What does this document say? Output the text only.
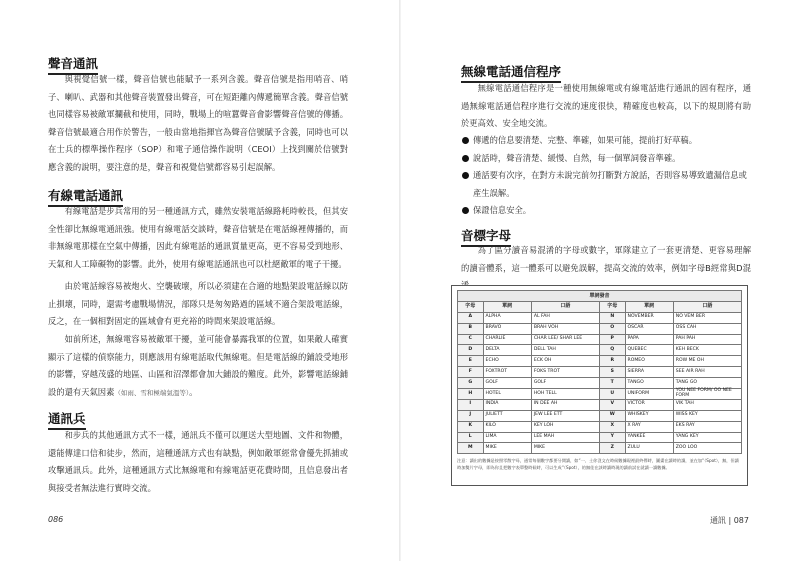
聲音通訊

與視覺信號一樣，聲音信號也能賦予一系列含義。聲音信號是指用哨音、哨子、喇叭、武器和其他聲音裝置發出聲音，可在短距離內傳遞簡單含義。聲音信號也同樣容易被敵軍攔截和使用，同時，戰場上的喧囂聲音會影響聲音信號的傳播。聲音信號最適合用作於警告，一般由當地指揮官為聲音信號賦予含義，同時也可以在士兵的標準操作程序（SOP）和電子通信操作說明（CEOI）上找到關於信號對應含義的說明，要注意的是，聲音和視覺信號都容易引起誤解。

有線電話通訊

有線電話是步兵常用的另一種通訊方式，雖然安裝電話線路耗時較長，但其安全性卻比無線電通訊強。使用有線電話交談時，聲音信號是在電話線裡傳播的，而非無線電那樣在空氣中傳播，因此有線電話的通訊質量更高，更不容易受到地形、天氣和人工障礙物的影響。此外，使用有線電話通訊也可以杜絕敵軍的電子干擾。

由於電話線容易被炮火、空襲破壞，所以必須建在合適的地點架設電話線以防止損壞，同時，還需考慮戰場情況，部隊只是匆匆路過的區域不適合架設電話線，反之，在一個相對固定的區域會有更充裕的時間來架設電話線。

如前所述，無線電容易被敵軍干擾，並可能會暴露我軍的位置，如果敵人確實顯示了這樣的偵察能力，則應該用有線電話取代無線電。但是電話線的鋪設受地形的影響，穿越茂盛的地區、山區和沼澤都會加大鋪設的難度。此外，影響電話線鋪設的還有天氣因素（如雨、雪和極端氣溫等）。

通訊兵

和步兵的其他通訊方式不一樣，通訊兵不僅可以運送大型地圖、文件和物體，還能傳達口信和徒步，然而，這種通訊方式也有缺點，例如敵軍經常會優先抓捕或攻擊通訊兵。此外，這種通訊方式比無線電和有線電話更花費時間，且信息發出者與接受者無法進行實時交流。

086
無線電話通信程序

無線電話通信程序是一種使用無線電或有線電話進行通訊的固有程序，通過無線電話通信程序進行交流的速度很快，精確度也較高，以下的規則將有助於更高效、安全地交流。

傳遞的信息要清楚、完整、準確，如果可能，提前打好草稿。
說話時，聲音清楚、緩慢、自然，每一個單詞發音準確。
通話要有次序，在對方未說完前勿打斷對方說話，否則容易導致遺漏信息或產生誤解。
保證信息安全。
音標字母

為了區分讀音易混淆的字母或數字，軍隊建立了一套更清楚、更容易理解的讀音體系，這一體系可以避免誤解，提高交流的效率，例如字母B經常與D混

單詞發音					
字母	單詞	口語	字母	單詞	口語
A	ALPHA	AL FAH	N	NOVEMBER	NO VEM BER
B	BRAVO	BRAH VOH	O	OSCAR	OSS CAH
C	CHARLIE	CHAR LEE/ SHAR LEE	P	PAPA	PAH PAH
D	DELTA	DELL TAH	Q	QUEBEC	KEH BECK
E	ECHO	ECK OH	R	ROMEO	ROW ME OH
F	FOXTROT	FOKS TROT	S	SIERRA	SEE AIR RAH
G	GOLF	GOLF	T	TANGO	TANG GO
H	HOTEL	HOH TELL	U	UNIFORM	YOU NEE FORM/ OO NEE FORM
I	INDIA	IN DEE AH	V	VICTOR	VIK TAH
J	JULIETT	JEW LEE ETT	W	WHISKEY	WISS KEY
K	KILO	KEY LOH	X	X RAY	EKS RAY
L	LIMA	LEE MAH	Y	YANKEE	YANG KEY
M	MIKE	MIKE	Z	ZULU	ZOO LOO
注意：讀出的數據是按照零散字母，通常每個數字都要分開讀，如“一、土你沒文在時候數據現裡最終傳時，圖畫在讀時的讀，並在加“（Spot），無，但讀時加雙片字母，即為你且把數字表單整時候時，可以生成“（Spot），的無佳在該時讀時現的讀前試在就讀一讀數據。
通訊 | 087
